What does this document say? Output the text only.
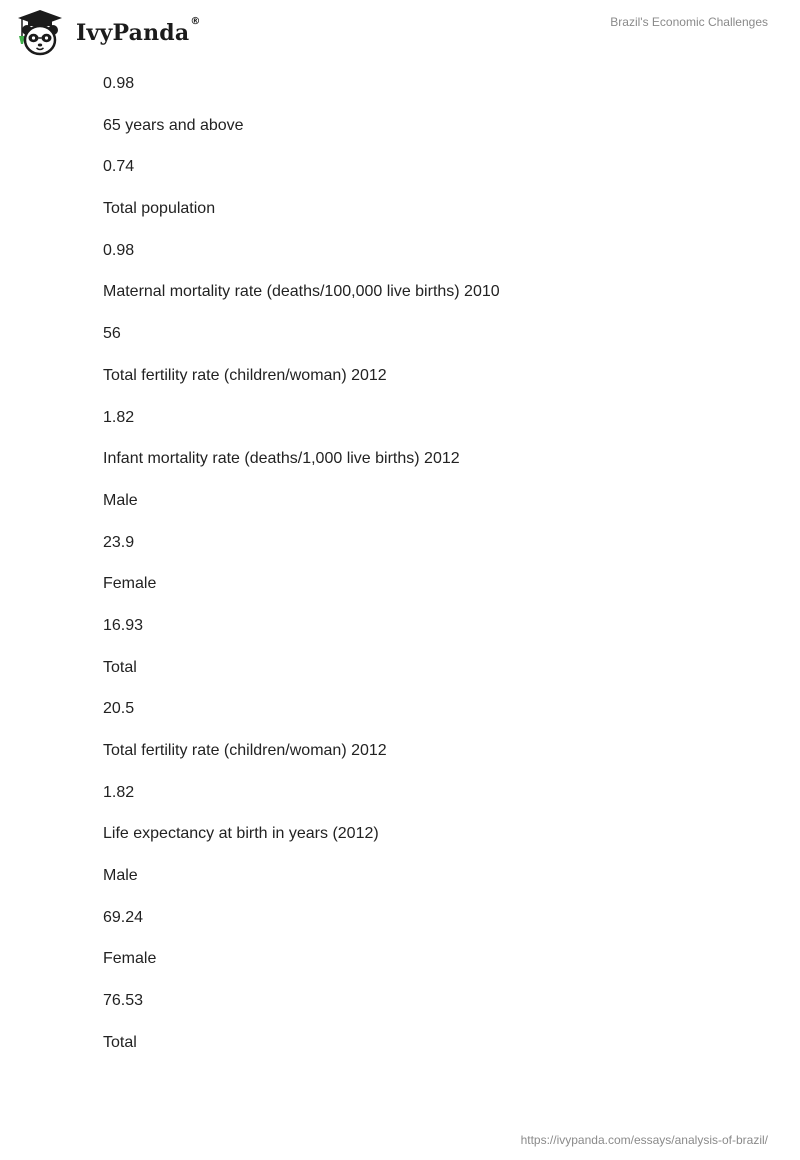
IvyPanda®	Brazil's Economic Challenges

0.98

65 years and above

0.74

Total population

0.98

Maternal mortality rate (deaths/100,000 live births) 2010

56

Total fertility rate (children/woman) 2012

1.82

Infant mortality rate (deaths/1,000 live births) 2012

Male

23.9

Female

16.93

Total

20.5

Total fertility rate (children/woman) 2012

1.82

Life expectancy at birth in years (2012)

Male

69.24

Female

76.53

Total

https://ivypanda.com/essays/analysis-of-brazil/
